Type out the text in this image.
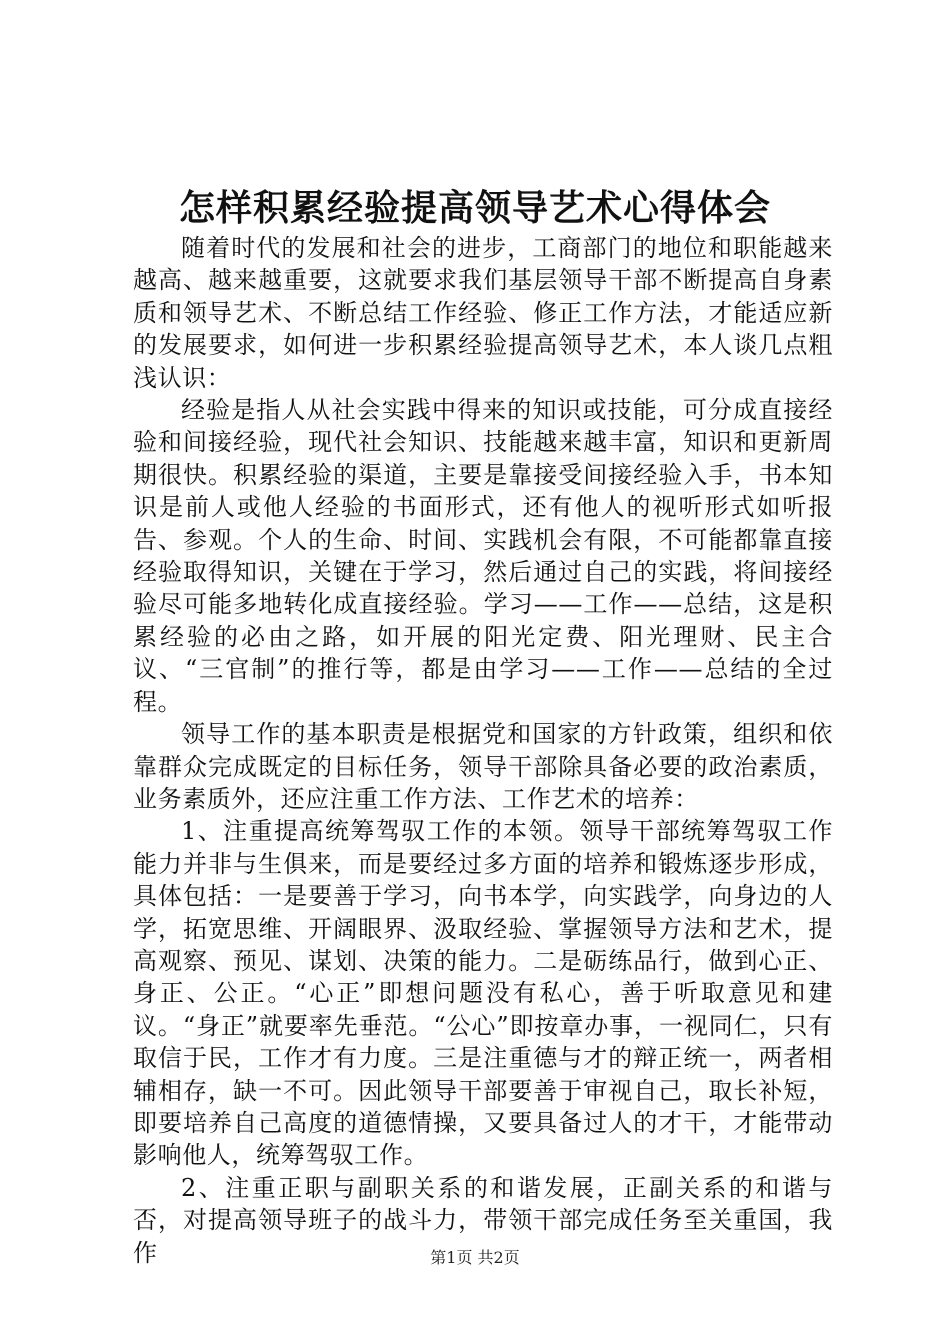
怎样积累经验提高领导艺术心得体会

随着时代的发展和社会的进步，工商部门的地位和职能越来越高、越来越重要，这就要求我们基层领导干部不断提高自身素质和领导艺术、不断总结工作经验、修正工作方法，才能适应新的发展要求，如何进一步积累经验提高领导艺术，本人谈几点粗浅认识：

经验是指人从社会实践中得来的知识或技能，可分成直接经验和间接经验，现代社会知识、技能越来越丰富，知识和更新周期很快。积累经验的渠道，主要是靠接受间接经验入手，书本知识是前人或他人经验的书面形式，还有他人的视听形式如听报告、参观。个人的生命、时间、实践机会有限，不可能都靠直接经验取得知识，关键在于学习，然后通过自己的实践，将间接经验尽可能多地转化成直接经验。学习——工作——总结，这是积累经验的必由之路，如开展的阳光定费、阳光理财、民主合议、“三官制”的推行等，都是由学习——工作——总结的全过程。

领导工作的基本职责是根据党和国家的方针政策，组织和依靠群众完成既定的目标任务，领导干部除具备必要的政治素质，业务素质外，还应注重工作方法、工作艺术的培养：

1、注重提高统筹驾驭工作的本领。领导干部统筹驾驭工作能力并非与生俱来，而是要经过多方面的培养和锻炼逐步形成，具体包括：一是要善于学习，向书本学，向实践学，向身边的人学，拓宽思维、开阔眼界、汲取经验、掌握领导方法和艺术，提高观察、预见、谋划、决策的能力。二是砺练品行，做到心正、身正、公正。“心正”即想问题没有私心，善于听取意见和建议。“身正”就要率先垂范。“公心”即按章办事，一视同仁，只有取信于民，工作才有力度。三是注重德与才的辩正统一，两者相辅相存，缺一不可。因此领导干部要善于审视自己，取长补短，即要培养自己高度的道德情操，又要具备过人的才干，才能带动影响他人，统筹驾驭工作。

2、注重正职与副职关系的和谐发展，正副关系的和谐与否，对提高领导班子的战斗力，带领干部完成任务至关重国，我作	第1页 共2页
